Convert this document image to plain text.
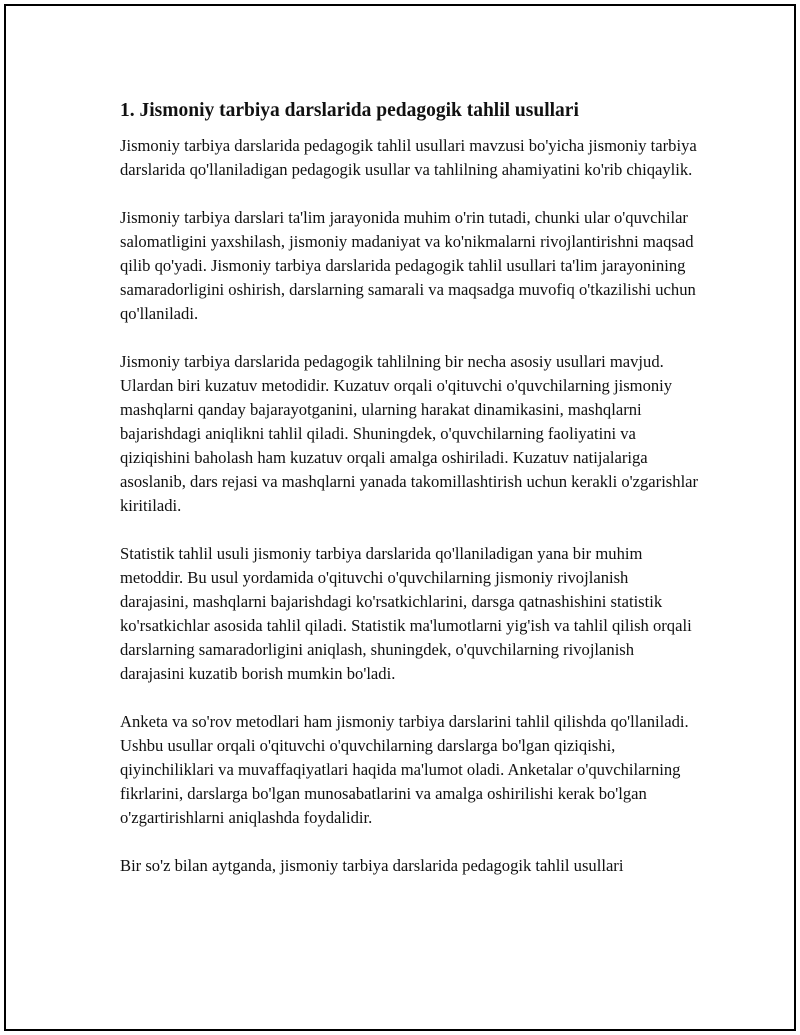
1. Jismoniy tarbiya darslarida pedagogik tahlil usullari

Jismoniy tarbiya darslarida pedagogik tahlil usullari mavzusi bo'yicha jismoniy tarbiya darslarida qo'llaniladigan pedagogik usullar va tahlilning ahamiyatini ko'rib chiqaylik.

Jismoniy tarbiya darslari ta'lim jarayonida muhim o'rin tutadi, chunki ular o'quvchilar salomatligini yaxshilash, jismoniy madaniyat va ko'nikmalarni rivojlantirishni maqsad qilib qo'yadi. Jismoniy tarbiya darslarida pedagogik tahlil usullari ta'lim jarayonining samaradorligini oshirish, darslarning samarali va maqsadga muvofiq o'tkazilishi uchun qo'llaniladi.

Jismoniy tarbiya darslarida pedagogik tahlilning bir necha asosiy usullari mavjud. Ulardan biri kuzatuv metodidir. Kuzatuv orqali o'qituvchi o'quvchilarning jismoniy mashqlarni qanday bajarayotganini, ularning harakat dinamikasini, mashqlarni bajarishdagi aniqlikni tahlil qiladi. Shuningdek, o'quvchilarning faoliyatini va qiziqishini baholash ham kuzatuv orqali amalga oshiriladi. Kuzatuv natijalariga asoslanib, dars rejasi va mashqlarni yanada takomillashtirish uchun kerakli o'zgarishlar kiritiladi.

Statistik tahlil usuli jismoniy tarbiya darslarida qo'llaniladigan yana bir muhim metoddir. Bu usul yordamida o'qituvchi o'quvchilarning jismoniy rivojlanish darajasini, mashqlarni bajarishdagi ko'rsatkichlarini, darsga qatnashishini statistik ko'rsatkichlar asosida tahlil qiladi. Statistik ma'lumotlarni yig'ish va tahlil qilish orqali darslarning samaradorligini aniqlash, shuningdek, o'quvchilarning rivojlanish darajasini kuzatib borish mumkin bo'ladi.

Anketa va so'rov metodlari ham jismoniy tarbiya darslarini tahlil qilishda qo'llaniladi. Ushbu usullar orqali o'qituvchi o'quvchilarning darslarga bo'lgan qiziqishi, qiyinchiliklari va muvaffaqiyatlari haqida ma'lumot oladi. Anketalar o'quvchilarning fikrlarini, darslarga bo'lgan munosabatlarini va amalga oshirilishi kerak bo'lgan o'zgartirishlarni aniqlashda foydalidir.

Bir so'z bilan aytganda, jismoniy tarbiya darslarida pedagogik tahlil usullari
